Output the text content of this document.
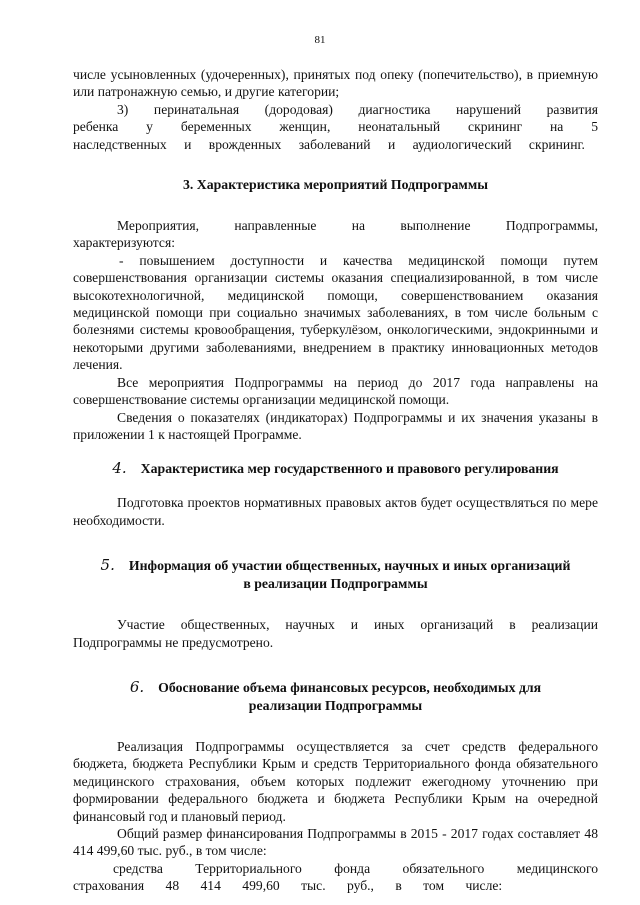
81

числе усыновленных (удочеренных), принятых под опеку (попечительство), в приемную или патронажную семью, и другие категории;

3) перинатальная (дородовая) диагностика нарушений развития ребенка у беременных женщин, неонатальный скрининг на 5 наследственных и врожденных заболеваний и аудиологический скрининг.

3. Характеристика мероприятий Подпрограммы

Мероприятия, направленные на выполнение Подпрограммы, характеризуются:

- повышением доступности и качества медицинской помощи путем совершенствования организации системы оказания специализированной, в том числе высокотехнологичной, медицинской помощи, совершенствованием оказания медицинской помощи при социально значимых заболеваниях, в том числе больным с болезнями системы кровообращения, туберкулёзом, онкологическими, эндокринными и некоторыми другими заболеваниями, внедрением в практику инновационных методов лечения.

Все мероприятия Подпрограммы на период до 2017 года направлены на совершенствование системы организации медицинской помощи.

Сведения о показателях (индикаторах) Подпрограммы и их значения указаны в приложении 1 к настоящей Программе.

4. Характеристика мер государственного и правового регулирования

Подготовка проектов нормативных правовых актов будет осуществляться по мере необходимости.

5. Информация об участии общественных, научных и иных организаций
в реализации Подпрограммы

Участие общественных, научных и иных организаций в реализации Подпрограммы не предусмотрено.

6. Обоснование объема финансовых ресурсов, необходимых для
реализации Подпрограммы

Реализация Подпрограммы осуществляется за счет средств федерального бюджета, бюджета Республики Крым и средств Территориального фонда обязательного медицинского страхования, объем которых подлежит ежегодному уточнению при формировании федерального бюджета и бюджета Республики Крым на очередной финансовый год и плановый период.

Общий размер финансирования Подпрограммы в 2015 - 2017 годах составляет 48 414 499,60 тыс. руб., в том числе:

средства Территориального фонда обязательного медицинского страхования 48 414 499,60 тыс. руб., в том числе:
